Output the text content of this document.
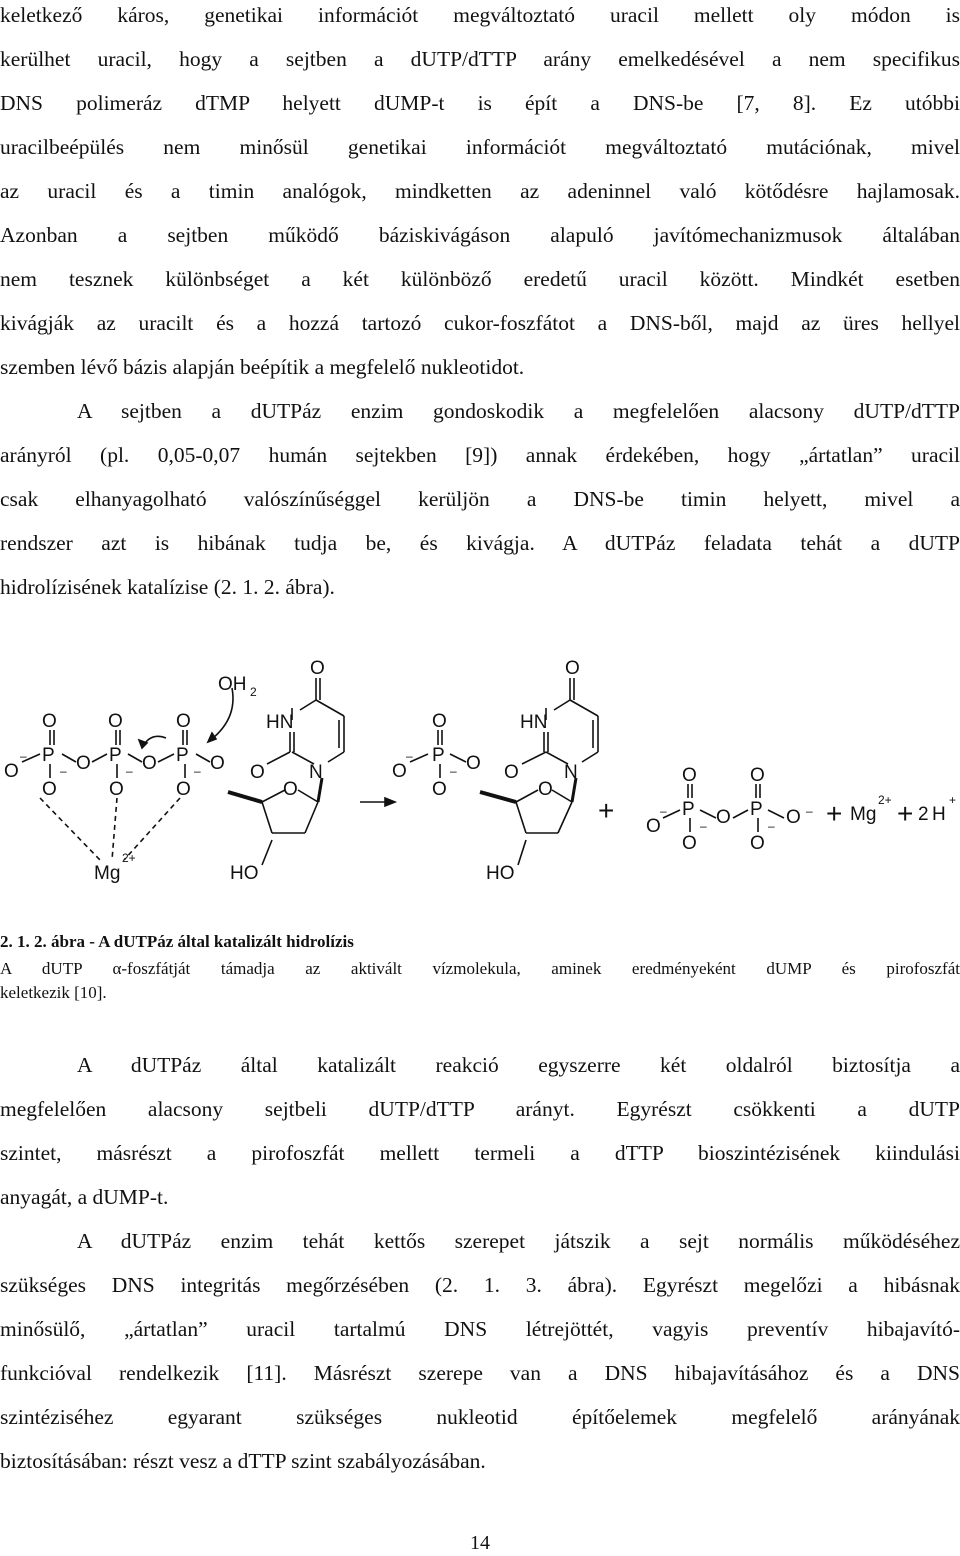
keletkező káros, genetikai információt megváltoztató uracil mellett oly módon is
kerülhet uracil, hogy a sejtben a dUTP/dTTP arány emelkedésével a nem specifikus
DNS polimeráz dTMP helyett dUMP-t is épít a DNS-be [7, 8]. Ez utóbbi
uracilbeépülés nem minősül genetikai információt megváltoztató mutációnak, mivel
az uracil és a timin analógok, mindketten az adeninnel való kötődésre hajlamosak.
Azonban a sejtben működő báziskivágáson alapuló javítómechanizmusok általában
nem tesznek különbséget a két különböző eredetű uracil között. Mindkét esetben
kivágják az uracilt és a hozzá tartozó cukor-foszfátot a DNS-ből, majd az üres hellyel
szemben lévő bázis alapján beépítik a megfelelő nukleotidot.
A sejtben a dUTPáz enzim gondoskodik a megfelelően alacsony dUTP/dTTP
arányról (pl. 0,05-0,07 humán sejtekben [9]) annak érdekében, hogy „ártatlan” uracil
csak elhanyagolható valószínűséggel kerüljön a DNS-be timin helyett, mivel a
rendszer azt is hibának tudja be, és kivágja. A dUTPáz feladata tehát a dUTP
hidrolízisének katalízise (2. 1. 2. ábra).
O	O	O
P	P	P
O	O	O	O
O	O	O
–
–	–	–
OH 2
Mg
2+
O
O
HN
N
O
HO
O
P
O	O
O
–
– O
O
HN
N
O
HO
+
O	O
P	P
O	O	O
O	O
–
–	–
– + Mg
2+ + 2 H
+
2. 1. 2. ábra - A dUTPáz által katalizált hidrolízis
A dUTP α-foszfátját támadja az aktivált vízmolekula, aminek eredményeként dUMP és pirofoszfát
keletkezik [10].
A dUTPáz által katalizált reakció egyszerre két oldalról biztosítja a
megfelelően alacsony sejtbeli dUTP/dTTP arányt. Egyrészt csökkenti a dUTP
szintet, másrészt a pirofoszfát mellett termeli a dTTP bioszintézisének kiindulási
anyagát, a dUMP-t.
A dUTPáz enzim tehát kettős szerepet játszik a sejt normális működéséhez
szükséges DNS integritás megőrzésében (2. 1. 3. ábra). Egyrészt megelőzi a hibásnak
minősülő, „ártatlan” uracil tartalmú DNS létrejöttét, vagyis preventív hibajavító-
funkcióval rendelkezik [11]. Másrészt szerepe van a DNS hibajavításához és a DNS
szintéziséhez egyarant szükséges nukleotid építőelemek megfelelő arányának
biztosításában: részt vesz a dTTP szint szabályozásában.
14
